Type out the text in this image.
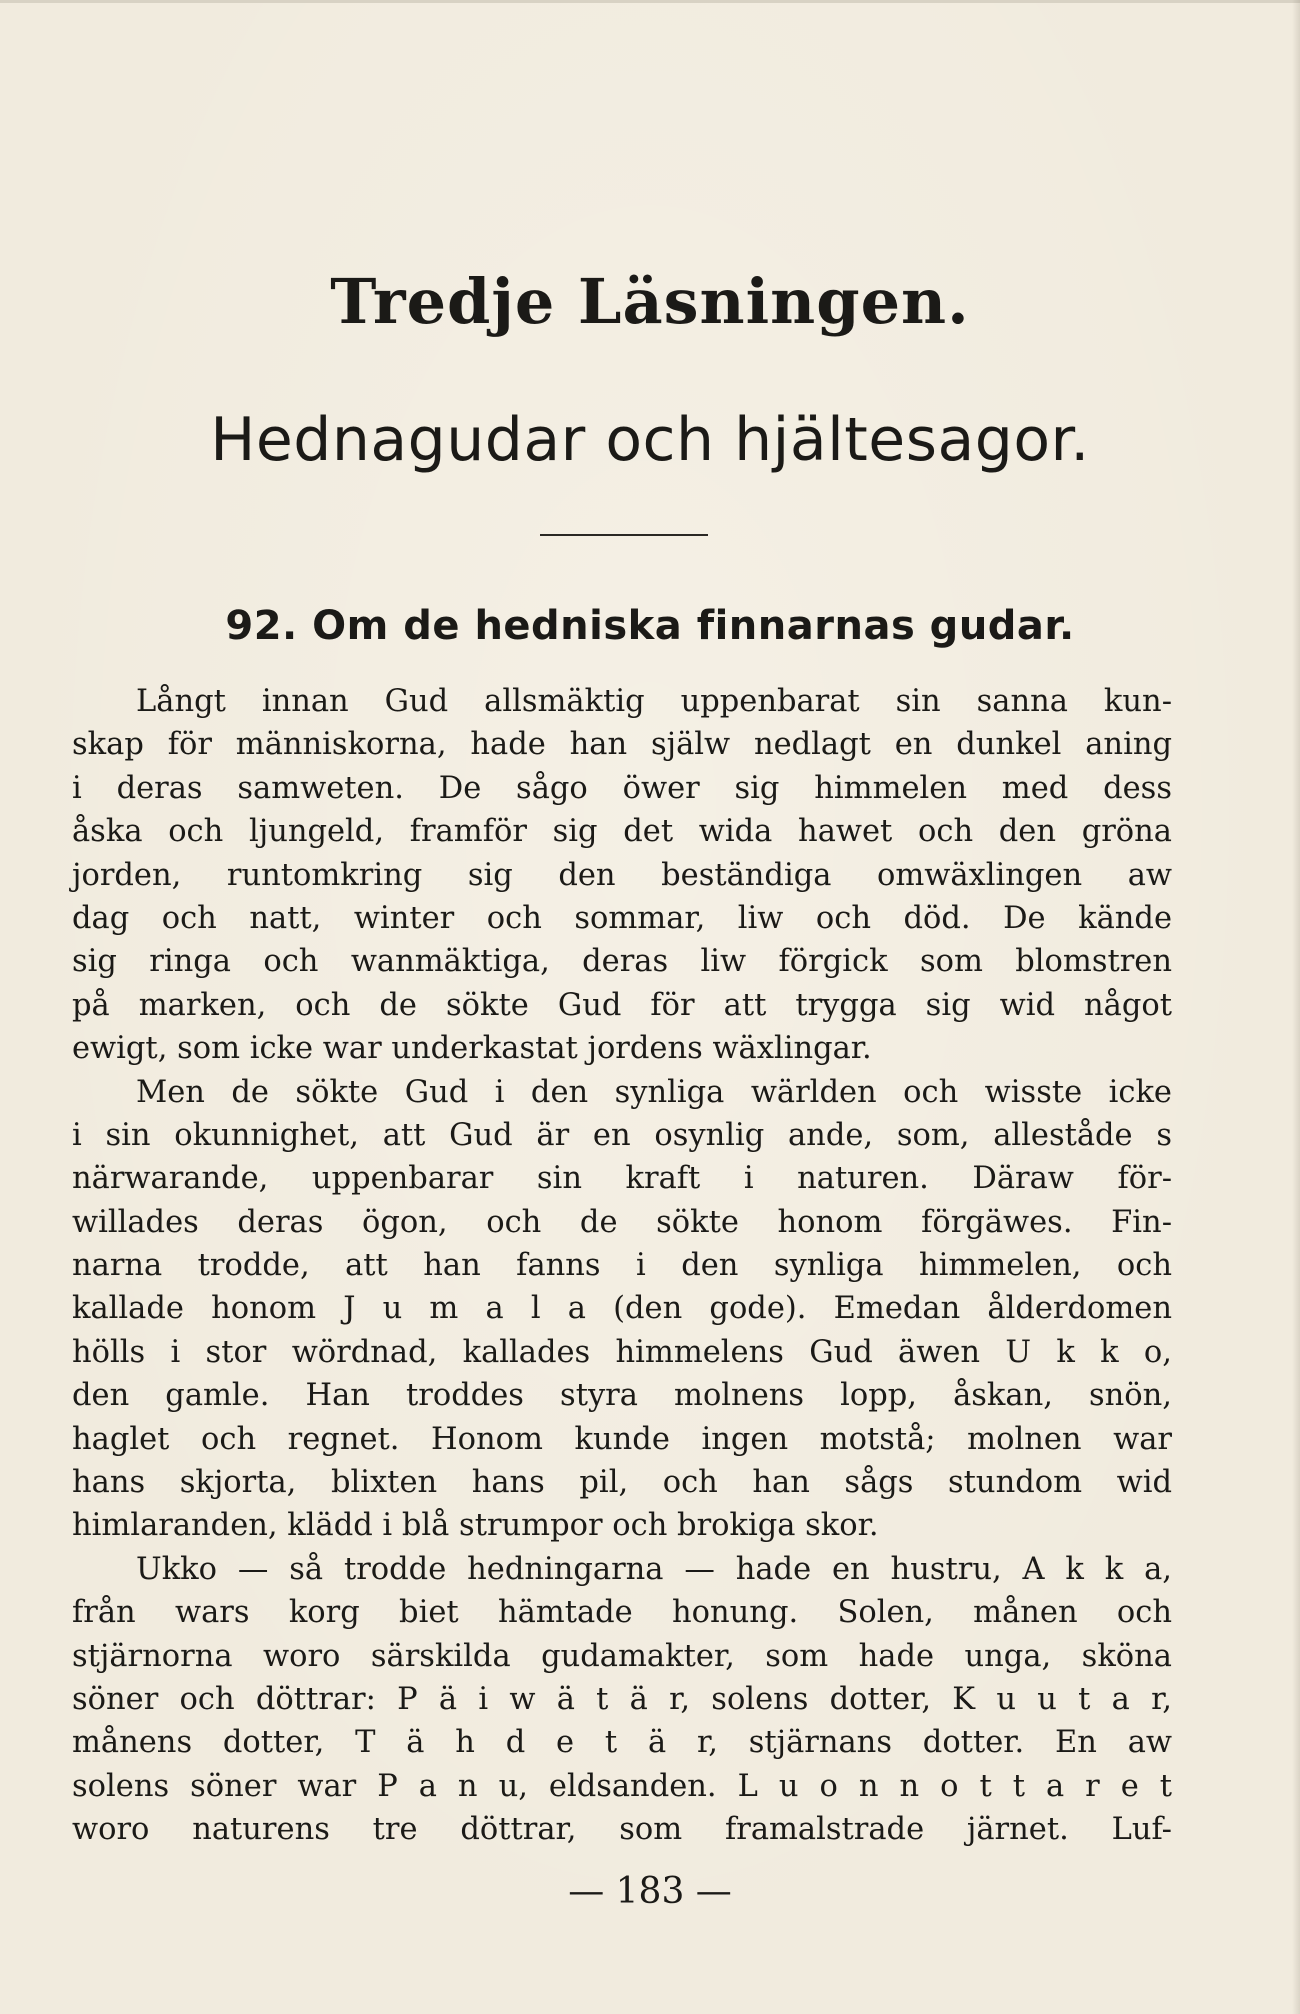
Tredje Läsningen.
Hednagudar och hjältesagor.
92. Om de hedniska finnarnas gudar.
Långt innan Gud allsmäktig uppenbarat sin sanna kun-
skap för människorna, hade han själw nedlagt en dunkel aning
i deras samweten. De sågo öwer sig himmelen med dess
åska och ljungeld, framför sig det wida hawet och den gröna
jorden, runtomkring sig den beständiga omwäxlingen aw
dag och natt, winter och sommar, liw och död. De kände
sig ringa och wanmäktiga, deras liw förgick som blomstren
på marken, och de sökte Gud för att trygga sig wid något
ewigt, som icke war underkastat jordens wäxlingar.
Men de sökte Gud i den synliga wärlden och wisste icke
i sin okunnighet, att Gud är en osynlig ande, som, alleståde s
närwarande, uppenbarar sin kraft i naturen. Däraw för-
willades deras ögon, och de sökte honom förgäwes. Fin-
narna trodde, att han fanns i den synliga himmelen, och
kallade honom J u m a l a (den gode). Emedan ålderdomen
hölls i stor wördnad, kallades himmelens Gud äwen U k k o,
den gamle. Han troddes styra molnens lopp, åskan, snön,
haglet och regnet. Honom kunde ingen motstå; molnen war
hans skjorta, blixten hans pil, och han sågs stundom wid
himlaranden, klädd i blå strumpor och brokiga skor.
Ukko — så trodde hedningarna — hade en hustru, A k k a,
från wars korg biet hämtade honung. Solen, månen och
stjärnorna woro särskilda gudamakter, som hade unga, sköna
söner och döttrar: P ä i w ä t ä r, solens dotter, K u u t a r,
månens dotter, T ä h d e t ä r, stjärnans dotter. En aw
solens söner war P a n u, eldsanden. L u o n n o t t a r e t
woro naturens tre döttrar, som framalstrade järnet. Luf-
— 183 —
